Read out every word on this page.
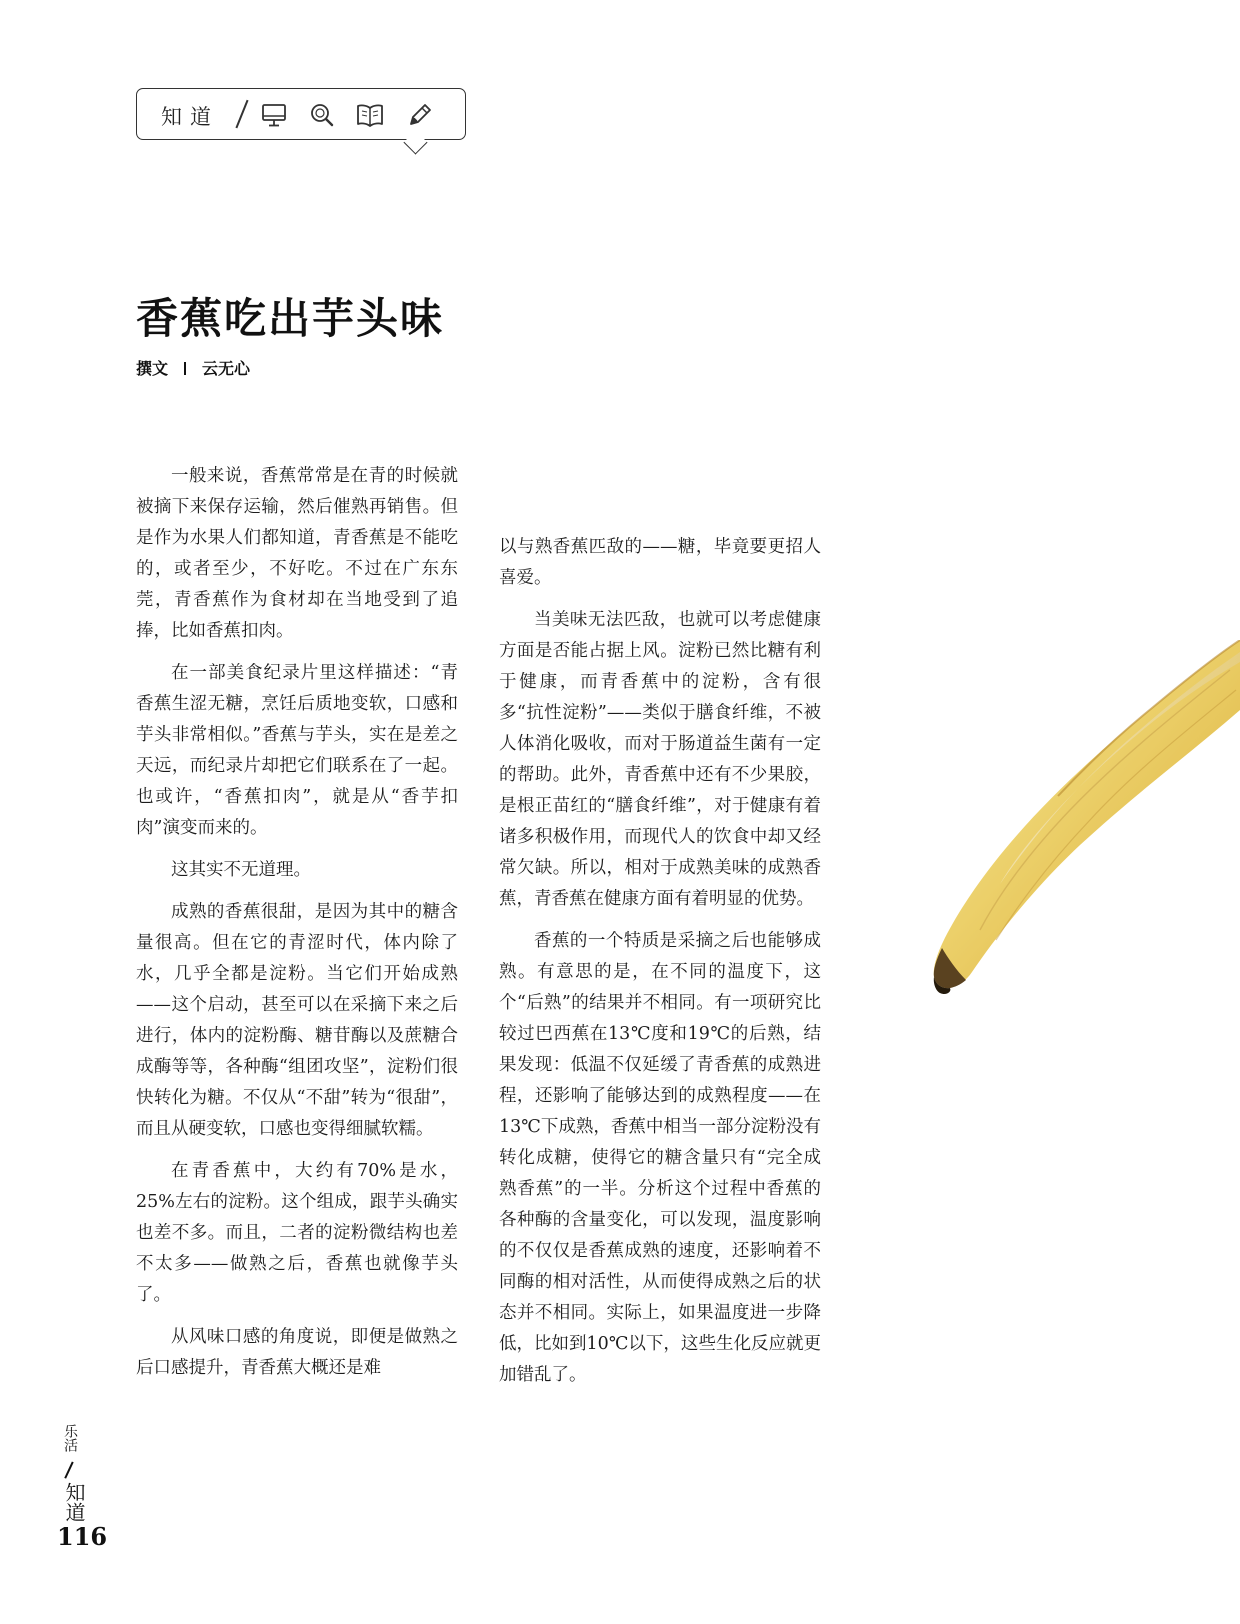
知道
香蕉吃出芋头味
撰文 云无心

一般来说，香蕉常常是在青的时候就被摘下来保存运输，然后催熟再销售。但是作为水果人们都知道，青香蕉是不能吃的，或者至少，不好吃。不过在广东东莞，青香蕉作为食材却在当地受到了追捧，比如香蕉扣肉。

在一部美食纪录片里这样描述：“青香蕉生涩无糖，烹饪后质地变软，口感和芋头非常相似。”香蕉与芋头，实在是差之天远，而纪录片却把它们联系在了一起。也或许，“香蕉扣肉”，就是从“香芋扣肉”演变而来的。

这其实不无道理。

成熟的香蕉很甜，是因为其中的糖含量很高。但在它的青涩时代，体内除了水，几乎全都是淀粉。当它们开始成熟——这个启动，甚至可以在采摘下来之后进行，体内的淀粉酶、糖苷酶以及蔗糖合成酶等等，各种酶“组团攻坚”，淀粉们很快转化为糖。不仅从“不甜”转为“很甜”，而且从硬变软，口感也变得细腻软糯。

在青香蕉中，大约有70%是水，25%左右的淀粉。这个组成，跟芋头确实也差不多。而且，二者的淀粉微结构也差不太多——做熟之后，香蕉也就像芋头了。

从风味口感的角度说，即便是做熟之后口感提升，青香蕉大概还是难

以与熟香蕉匹敌的——糖，毕竟要更招人喜爱。

当美味无法匹敌，也就可以考虑健康方面是否能占据上风。淀粉已然比糖有利于健康，而青香蕉中的淀粉，含有很多“抗性淀粉”——类似于膳食纤维，不被人体消化吸收，而对于肠道益生菌有一定的帮助。此外，青香蕉中还有不少果胶，是根正苗红的“膳食纤维”，对于健康有着诸多积极作用，而现代人的饮食中却又经常欠缺。所以，相对于成熟美味的成熟香蕉，青香蕉在健康方面有着明显的优势。

香蕉的一个特质是采摘之后也能够成熟。有意思的是，在不同的温度下，这个“后熟”的结果并不相同。有一项研究比较过巴西蕉在13℃度和19℃的后熟，结果发现：低温不仅延缓了青香蕉的成熟进程，还影响了能够达到的成熟程度——在13℃下成熟，香蕉中相当一部分淀粉没有转化成糖，使得它的糖含量只有“完全成熟香蕉”的一半。分析这个过程中香蕉的各种酶的含量变化，可以发现，温度影响的不仅仅是香蕉成熟的速度，还影响着不同酶的相对活性，从而使得成熟之后的状态并不相同。实际上，如果温度进一步降低，比如到10℃以下，这些生化反应就更加错乱了。

乐活
知道
116
